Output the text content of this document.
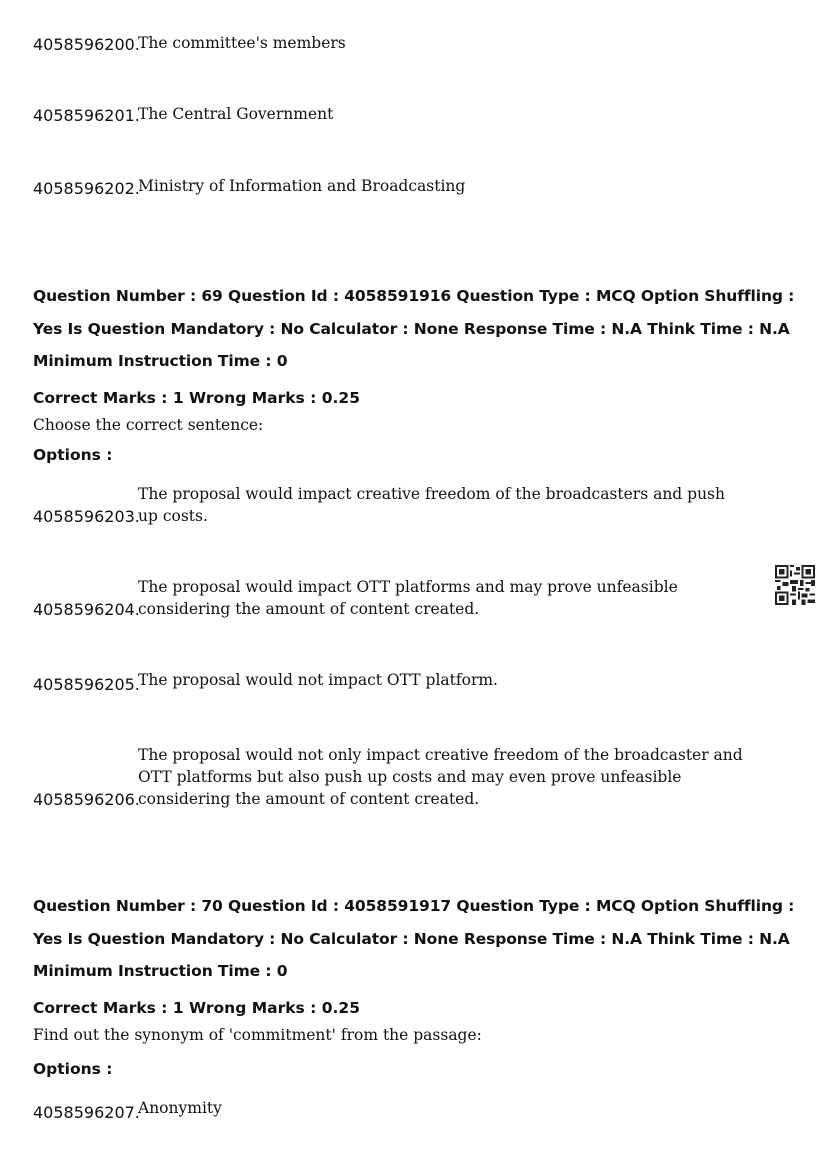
4058596200.
The committee's members
4058596201.
The Central Government
4058596202.
Ministry of Information and Broadcasting
Question Number : 69 Question Id : 4058591916 Question Type : MCQ Option Shuffling : Yes Is Question Mandatory : No Calculator : None Response Time : N.A Think Time : N.A Minimum Instruction Time : 0
Correct Marks : 1 Wrong Marks : 0.25
Choose the correct sentence:
Options :
The proposal would impact creative freedom of the broadcasters and push up costs.
4058596203.
The proposal would impact OTT platforms and may prove unfeasible considering the amount of content created.
4058596204.
The proposal would not impact OTT platform.
4058596205.
The proposal would not only impact creative freedom of the broadcaster and OTT platforms but also push up costs and may even prove unfeasible considering the amount of content created.
4058596206.
Question Number : 70 Question Id : 4058591917 Question Type : MCQ Option Shuffling : Yes Is Question Mandatory : No Calculator : None Response Time : N.A Think Time : N.A Minimum Instruction Time : 0
Correct Marks : 1 Wrong Marks : 0.25
Find out the synonym of 'commitment' from the passage:
Options :
Anonymity
4058596207.
